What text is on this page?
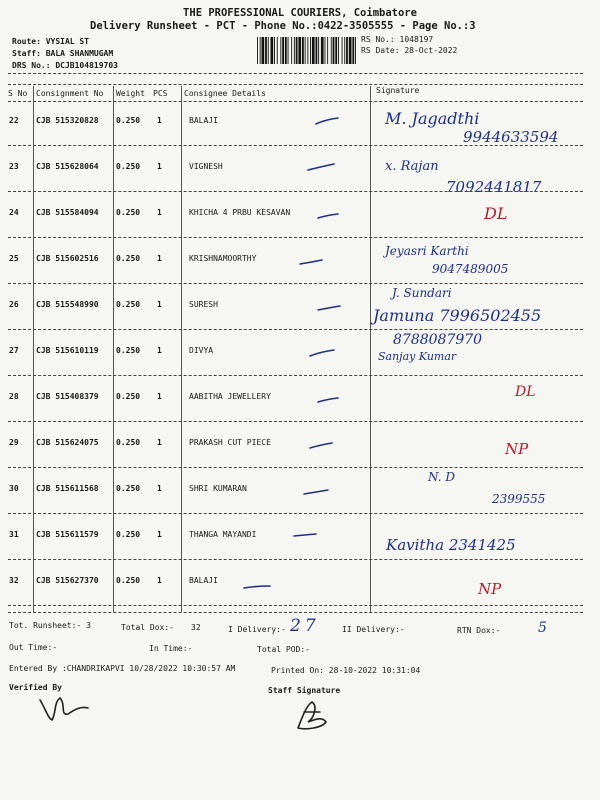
THE PROFESSIONAL COURIERS, Coimbatore
Delivery Runsheet - PCT - Phone No.:0422-3505555 - Page No.:3
Route: VYSIAL ST
Staff: BALA SHANMUGAM
DRS No.: DCJB104819703
RS No.: 1048197
RS Date: 28-Oct-2022
S No Consignment No Weight PCS Consignee Details	Signature
22 CJB 515320828 0.250 1	BALAJI	M. Jagadthi
9944633594
23 CJB 515628064 0.250 1	VIGNESH	x. Rajan
7092441817
24 CJB 515584094 0.250 1	KHICHA 4 PRBU KESAVAN	DL
25 CJB 515602516 0.250 1	KRISHNAMOORTHY
Jeyasri Karthi
9047489005
26 CJB 515548990 0.250 1	SURESH
J. Sundari
Jamuna 7996502455
27 CJB 515610119 0.250 1	DIVYA
8788087970
Sanjay Kumar
28 CJB 515408379 0.250 1	AABITHA JEWELLERY	DL
29 CJB 515624075 0.250 1	PRAKASH CUT PIECE	NP
30 CJB 515611568 0.250 1	SHRI KUMARAN
N. D
2399555
31 CJB 515611579 0.250 1	THANGA MAYANDI
Kavitha 2341425
32 CJB 515627370 0.250 1	BALAJI	NP
Tot. Runsheet:- 3	Total Dox:- 32	I Delivery:- 27	II Delivery:-	RTN Dox:-	5
Out Time:-	In Time:-	Total POD:-
Entered By :CHANDRIKAPVI 10/28/2022 10:30:57 AM	Printed On: 28-10-2022 10:31:04
Verified By	Staff Signature
